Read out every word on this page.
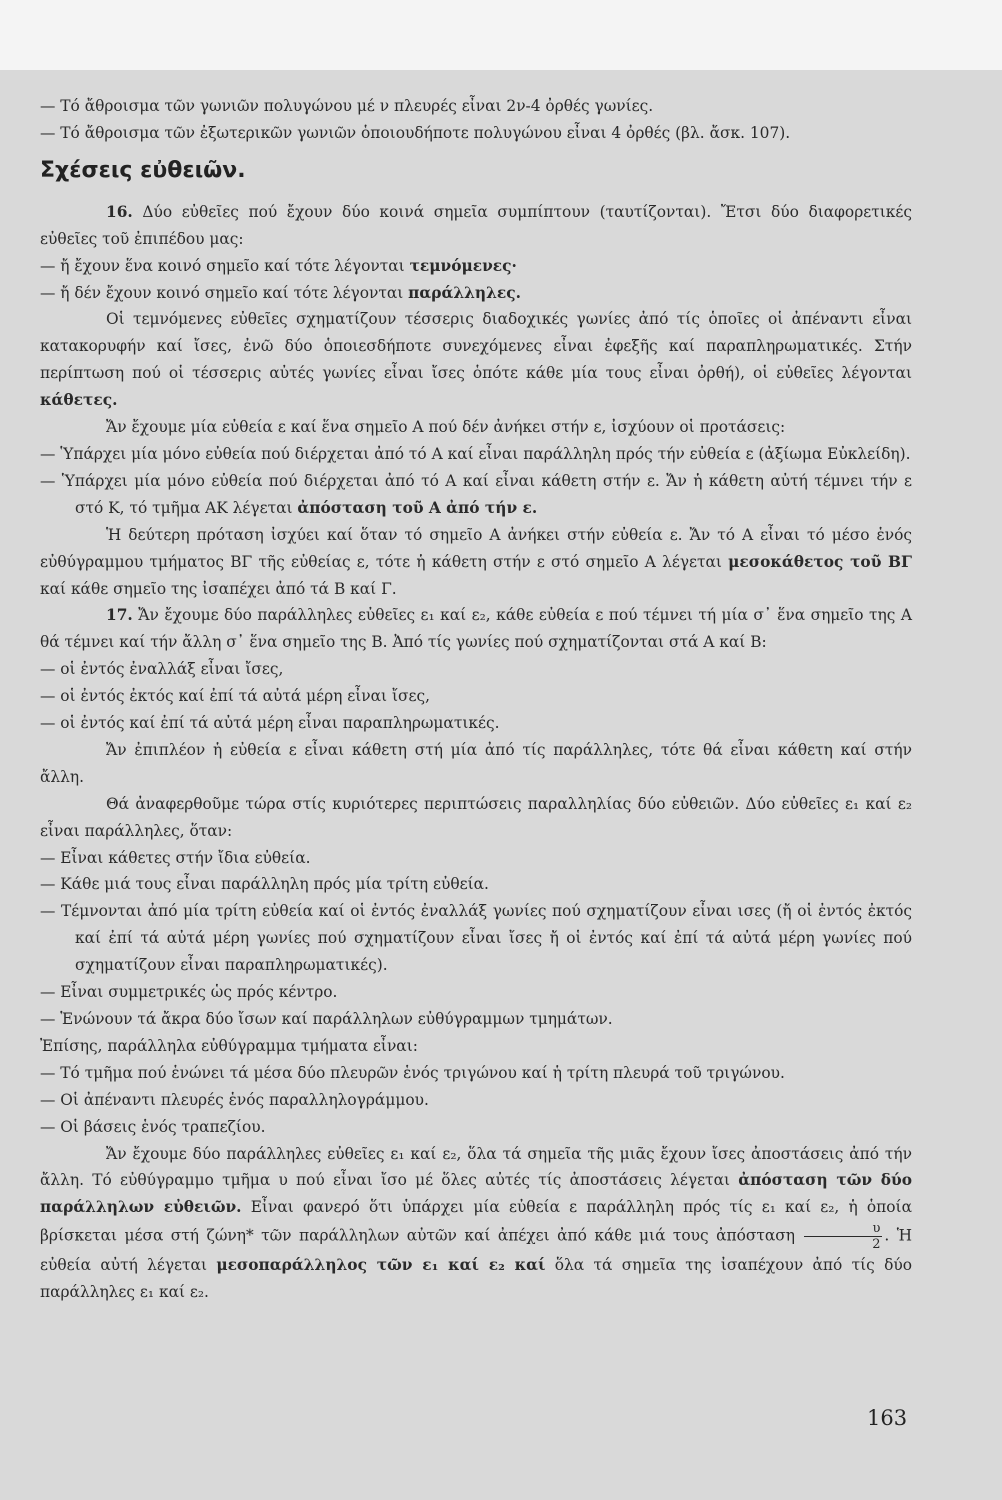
— Τό ἄθροισμα τῶν γωνιῶν πολυγώνου μέ ν πλευρές εἶναι 2ν-4 ὀρθές γωνίες.

— Τό ἄθροισμα τῶν ἐξωτερικῶν γωνιῶν ὁποιουδήποτε πολυγώνου εἶναι 4 ὀρθές (βλ. ἄσκ. 107).

Σχέσεις εὐθειῶν.

16. Δύο εὐθεῖες πού ἔχουν δύο κοινά σημεῖα συμπίπτουν (ταυτίζονται). Ἔτσι δύο διαφορετικές εὐθεῖες τοῦ ἐπιπέδου μας:

— ἤ ἔχουν ἕνα κοινό σημεῖο καί τότε λέγονται τεμνόμενες·

— ἤ δέν ἔχουν κοινό σημεῖο καί τότε λέγονται παράλληλες.

Οἱ τεμνόμενες εὐθεῖες σχηματίζουν τέσσερις διαδοχικές γωνίες ἀπό τίς ὁποῖες οἱ ἀπέναντι εἶναι κατακορυφήν καί ἴσες, ἐνῶ δύο ὁποιεσδήποτε συνεχόμενες εἶναι ἐφεξῆς καί παραπληρωματικές. Στήν περίπτωση πού οἱ τέσσερις αὐτές γωνίες εἶναι ἴσες ὁπότε κάθε μία τους εἶναι ὀρθή), οἱ εὐθεῖες λέγονται κάθετες.

Ἄν ἔχουμε μία εὐθεία ε καί ἕνα σημεῖο Α πού δέν ἀνήκει στήν ε, ἰσχύουν οἱ προτάσεις:

— Ὑπάρχει μία μόνο εὐθεία πού διέρχεται ἀπό τό Α καί εἶναι παράλληλη πρός τήν εὐθεία ε (ἀξίωμα Εὐκλείδη).

— Ὑπάρχει μία μόνο εὐθεία πού διέρχεται ἀπό τό Α καί εἶναι κάθετη στήν ε. Ἄν ἡ κάθετη αὐτή τέμνει τήν ε στό Κ, τό τμῆμα ΑΚ λέγεται ἀπόσταση τοῦ Α ἀπό τήν ε.

Ἡ δεύτερη πρόταση ἰσχύει καί ὅταν τό σημεῖο Α ἀνήκει στήν εὐθεία ε. Ἄν τό Α εἶναι τό μέσο ἑνός εὐθύγραμμου τμήματος ΒΓ τῆς εὐθείας ε, τότε ἡ κάθετη στήν ε στό σημεῖο Α λέγεται μεσοκάθετος τοῦ ΒΓ καί κάθε σημεῖο της ἰσαπέχει ἀπό τά Β καί Γ.

17. Ἄν ἔχουμε δύο παράλληλες εὐθεῖες ε₁ καί ε₂, κάθε εὐθεία ε πού τέμνει τή μία σ᾿ ἕνα σημεῖο της Α θά τέμνει καί τήν ἄλλη σ᾿ ἕνα σημεῖο της Β. Ἀπό τίς γωνίες πού σχηματίζονται στά Α καί Β:

— οἱ ἐντός ἐναλλάξ εἶναι ἴσες,

— οἱ ἐντός ἐκτός καί ἐπί τά αὐτά μέρη εἶναι ἴσες,

— οἱ ἐντός καί ἐπί τά αὐτά μέρη εἶναι παραπληρωματικές.

Ἄν ἐπιπλέον ἡ εὐθεία ε εἶναι κάθετη στή μία ἀπό τίς παράλληλες, τότε θά εἶναι κάθετη καί στήν ἄλλη.

Θά ἀναφερθοῦμε τώρα στίς κυριότερες περιπτώσεις παραλληλίας δύο εὐθειῶν. Δύο εὐθεῖες ε₁ καί ε₂ εἶναι παράλληλες, ὅταν:

— Εἶναι κάθετες στήν ἴδια εὐθεία.

— Κάθε μιά τους εἶναι παράλληλη πρός μία τρίτη εὐθεία.

— Τέμνονται ἀπό μία τρίτη εὐθεία καί οἱ ἐντός ἐναλλάξ γωνίες πού σχηματίζουν εἶναι ισες (ἤ οἱ ἐντός ἐκτός καί ἐπί τά αὐτά μέρη γωνίες πού σχηματίζουν εἶναι ἴσες ἤ οἱ ἐντός καί ἐπί τά αὐτά μέρη γωνίες πού σχηματίζουν εἶναι παραπληρωματικές).

— Εἶναι συμμετρικές ὡς πρός κέντρο.

— Ἑνώνουν τά ἄκρα δύο ἴσων καί παράλληλων εὐθύγραμμων τμημάτων.

Ἐπίσης, παράλληλα εὐθύγραμμα τμήματα εἶναι:

— Τό τμῆμα πού ἑνώνει τά μέσα δύο πλευρῶν ἑνός τριγώνου καί ἡ τρίτη πλευρά τοῦ τριγώνου.

— Οἱ ἀπέναντι πλευρές ἑνός παραλληλογράμμου.

— Οἱ βάσεις ἑνός τραπεζίου.

Ἄν ἔχουμε δύο παράλληλες εὐθεῖες ε₁ καί ε₂, ὅλα τά σημεῖα τῆς μιᾶς ἔχουν ἴσες ἀποστάσεις ἀπό τήν ἄλλη. Τό εὐθύγραμμο τμῆμα υ πού εἶναι ἴσο μέ ὅλες αὐτές τίς ἀποστάσεις λέγεται ἀπόσταση τῶν δύο παράλληλων εὐθειῶν. Εἶναι φανερό ὅτι ὑπάρχει μία εὐθεία ε παράλληλη πρός τίς ε₁ καί ε₂, ἡ ὁποία βρίσκεται μέσα στή ζώνη* τῶν παράλληλων αὐτῶν καί ἀπέχει ἀπό κάθε μιά τους ἀπόσταση $\frac{\upsilon}{2}$ . Ἡ εὐθεία αὐτή λέγεται μεσοπαράλληλος τῶν ε₁ καί ε₂ καί ὅλα τά σημεῖα της ἰσαπέχουν ἀπό τίς δύο παράλληλες ε₁ καί ε₂.

163
